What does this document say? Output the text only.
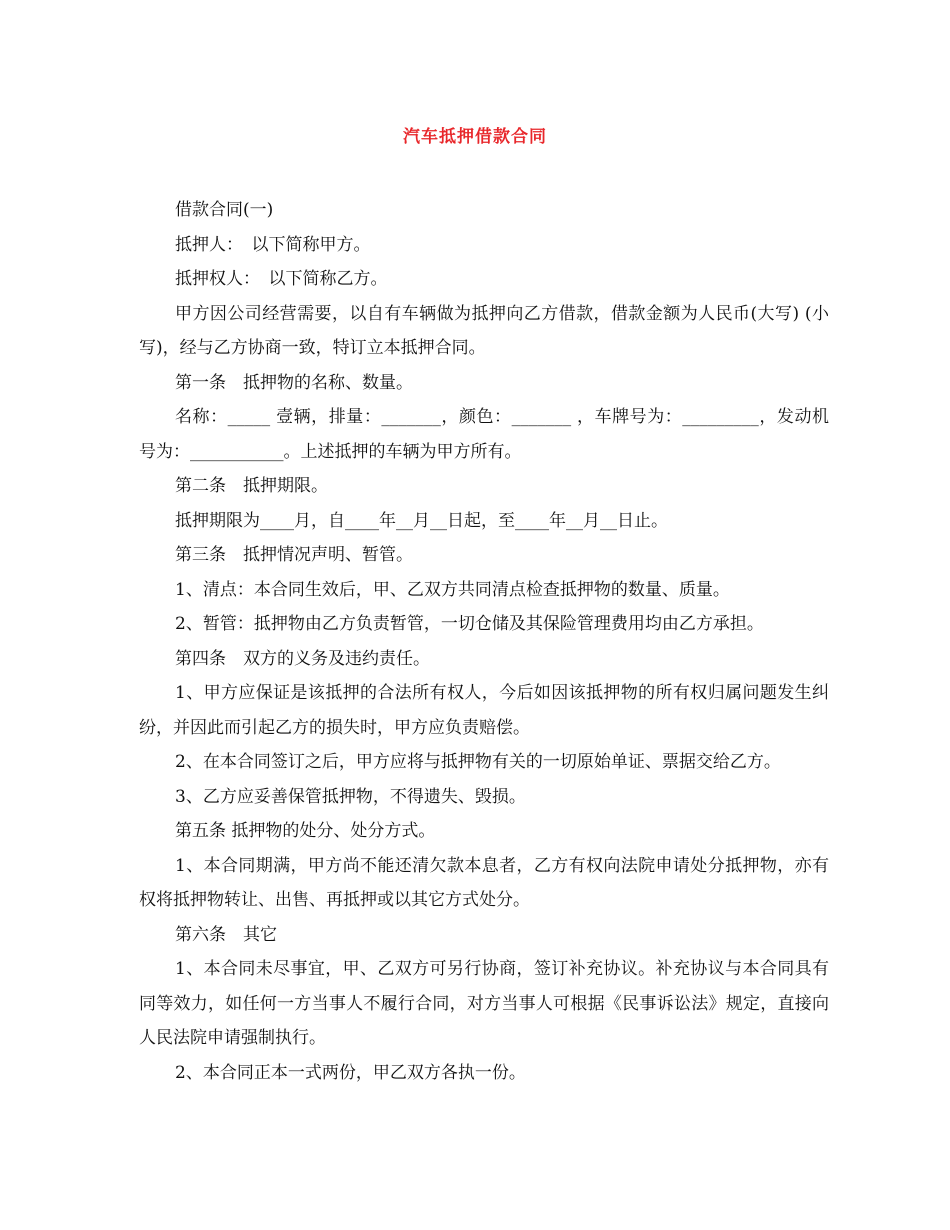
汽车抵押借款合同

借款合同(一)

抵押人：　以下简称甲方。

抵押权人：　以下简称乙方。

甲方因公司经营需要，以自有车辆做为抵押向乙方借款，借款金额为人民币(大写) (小写)，经与乙方协商一致，特订立本抵押合同。

第一条　抵押物的名称、数量。

名称：_____ 壹辆，排量：_______，颜色：_______ ，车牌号为：_________，发动机号为：___________。上述抵押的车辆为甲方所有。

第二条　抵押期限。

抵押期限为____月，自____年__月__日起，至____年__月__日止。

第三条　抵押情况声明、暂管。

1、清点：本合同生效后，甲、乙双方共同清点检查抵押物的数量、质量。

2、暂管：抵押物由乙方负责暂管，一切仓储及其保险管理费用均由乙方承担。

第四条　双方的义务及违约责任。

1、甲方应保证是该抵押的合法所有权人，今后如因该抵押物的所有权归属问题发生纠纷，并因此而引起乙方的损失时，甲方应负责赔偿。

2、在本合同签订之后，甲方应将与抵押物有关的一切原始单证、票据交给乙方。

3、乙方应妥善保管抵押物，不得遗失、毁损。

第五条 抵押物的处分、处分方式。

1、本合同期满，甲方尚不能还清欠款本息者，乙方有权向法院申请处分抵押物，亦有权将抵押物转让、出售、再抵押或以其它方式处分。

第六条　其它

1、本合同未尽事宜，甲、乙双方可另行协商，签订补充协议。补充协议与本合同具有同等效力，如任何一方当事人不履行合同，对方当事人可根据《民事诉讼法》规定，直接向人民法院申请强制执行。

2、本合同正本一式两份，甲乙双方各执一份。
